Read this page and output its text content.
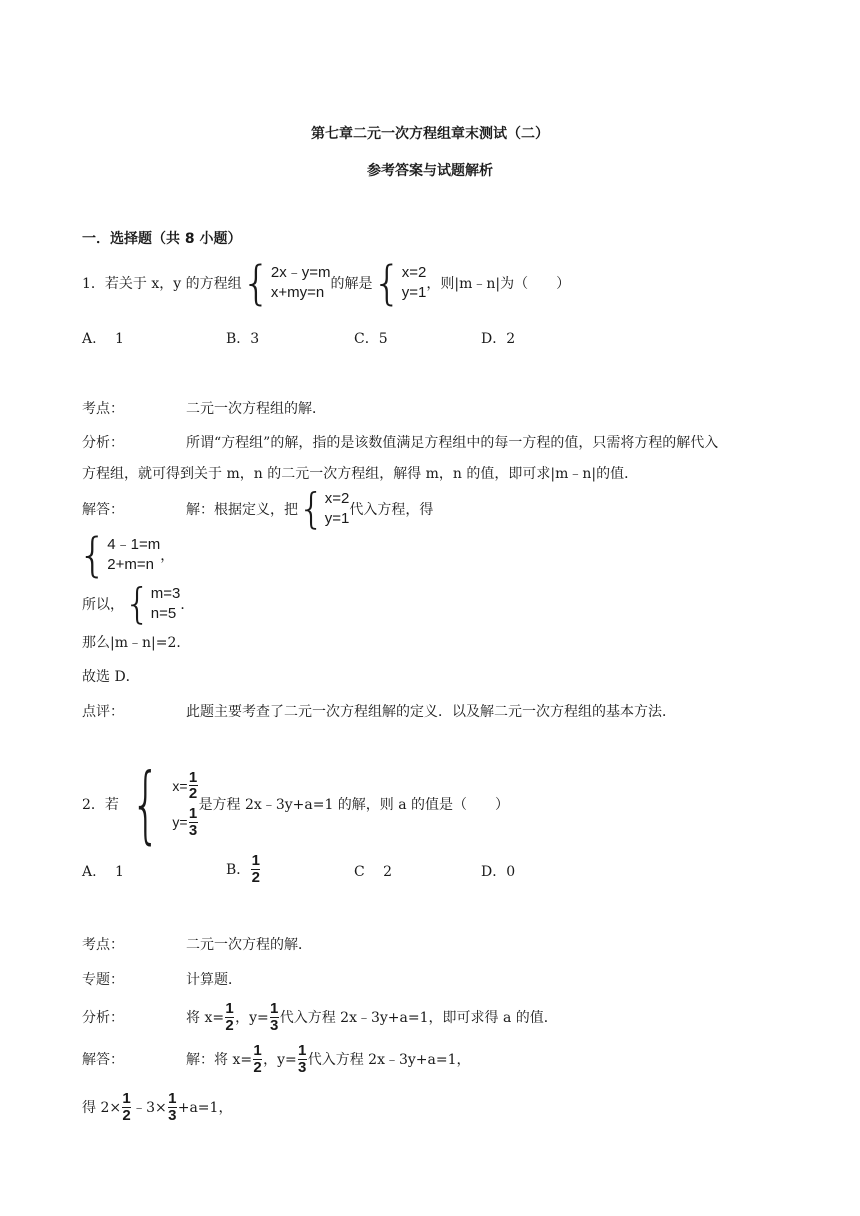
第七章二元一次方程组章末测试（二）
参考答案与试题解析
一．选择题（共 8 小题）
1．若关于 x，y 的方程组 { 2x﹣y=m
x+my=n 的解是 { x=2
y=1 ，则|m﹣n|为（　　）
A.　 1	B．3	C．5	D．2
考点：	二元一次方程组的解．
分析：	所谓“方程组”的解，指的是该数值满足方程组中的每一方程的值，只需将方程的解代入
方程组，就可得到关于 m，n 的二元一次方程组，解得 m，n 的值，即可求|m﹣n|的值．
解答：	解：根据定义，把 { x=2
y=1 代入方程，得
{ 4﹣1=m
2+m=n ，
所以， { m=3
n=5 ．
那么|m﹣n|=2．
故选 D．
点评：	此题主要考查了二元一次方程组解的定义．以及解二元一次方程组的基本方法．
2．若 { $x= \frac{1}{2}$
$y= \frac{1}{3}$
是方程 2x﹣3y+a=1 的解，则 a 的值是（　　）
A.　 1	B． $\frac{1}{2}$	C　 2	D．0
考点：	二元一次方程的解．
专题：	计算题．
分析：	将 $x= \frac{1}{2}$ ，$y= \frac{1}{3}$ 代入方程 2x﹣3y+a=1，即可求得 a 的值．
解答：	解：将 $x= \frac{1}{2}$ ，$y= \frac{1}{3}$ 代入方程 2x﹣3y+a=1，
得 $2\times \frac{1}{2}$ ﹣3× $\frac{1}{3} +a=1$，
